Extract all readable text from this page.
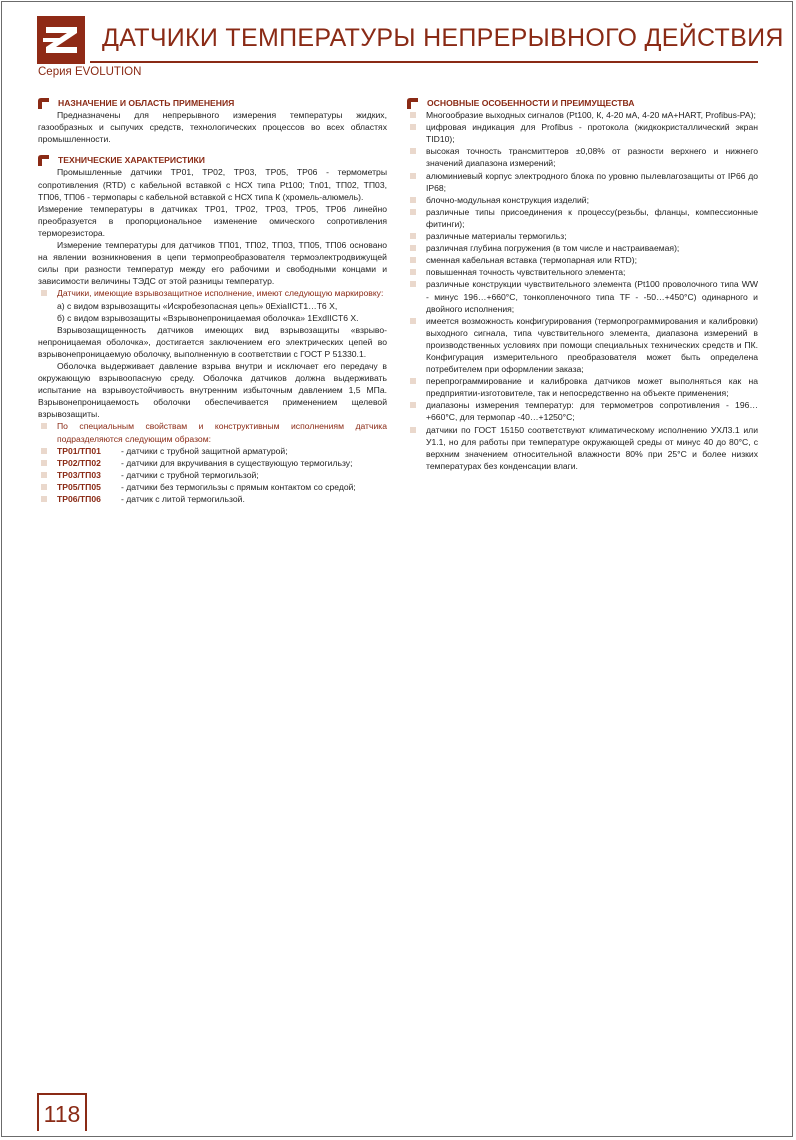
ДАТЧИКИ ТЕМПЕРАТУРЫ НЕПРЕРЫВНОГО ДЕЙСТВИЯ
Серия EVOLUTION
НАЗНАЧЕНИЕ И ОБЛАСТЬ ПРИМЕНЕНИЯ

Предназначены для непрерывного измерения температуры жидких, газообразных и сыпучих средств, технологических процессов во всех областях промышленности.

ТЕХНИЧЕСКИЕ ХАРАКТЕРИСТИКИ

Промышленные датчики ТР01, ТР02, ТР03, ТР05, ТР06 - термометры сопротивления (RTD) с кабельной вставкой с НСХ типа Pt100; Tп01, ТП02, ТП03, ТП06, ТП06 - термопары с кабельной вставкой с НСХ типа К (хромель-алюмель).

Измерение температуры в датчиках ТР01, ТР02, ТР03, ТР05, ТР06 линейно преобразуется в пропорциональное изменение омического сопротивления терморезистора.

Измерение температуры для датчиков ТП01, ТП02, ТП03, ТП05, ТП06 основано на явлении возникновения в цепи термопреобразователя термоэлектродвижущей силы при разности температур между его рабочими и свободными концами и зависимости величины ТЭДС от этой разницы температур.

Датчики, имеющие взрывозащитное исполнение, имеют следующую маркировку:

а) с видом взрывозащиты «Искробезопасная цепь» 0ExiaIICT1…Т6 Х,

б) с видом взрывозащиты «Взрывонепроницаемая оболочка» 1ExdIICT6 Х.

Взрывозащищенность датчиков имеющих вид взрывозащиты «взрыво-непроницаемая оболочка», достигается заключением его электрических цепей во взрывонепроницаемую оболочку, выполненную в соответствии с ГОСТ Р 51330.1.

Оболочка выдерживает давление взрыва внутри и исключает его передачу в окружающую взрывоопасную среду. Оболочка датчиков должна выдерживать испытание на взрывоустойчивость внутренним избыточным давлением 1,5 МПа. Взрывонепроницаемость оболочки обеспечивается применением щелевой взрывозащиты.

По специальным свойствам и конструктивным исполнениям датчика подразделяются следующим образом:

ТР01/ТП01	- датчики с трубной защитной арматурой;
ТР02/ТП02	- датчики для вкручивания в существующую термогильзу;
ТР03/ТП03	- датчики с трубной термогильзой;
ТР05/ТП05	- датчики без термогильзы с прямым контактом со средой;
ТР06/ТП06	- датчик с литой термогильзой.
ОСНОВНЫЕ ОСОБЕННОСТИ И ПРЕИМУЩЕСТВА

Многообразие выходных сигналов (Pt100, К, 4-20 мА, 4-20 мА+HART, Profibus-PA);

цифровая индикация для Profibus - протокола (жидкокристаллический экран TID10);

высокая точность трансмиттеров ±0,08% от разности верхнего и нижнего значений диапазона измерений;

алюминиевый корпус электродного блока по уровню пылевлагозащиты от IP66 до IP68;

блочно-модульная конструкция изделий;

различные типы присоединения к процессу(резьбы, фланцы, компессионные фитинги);

различные материалы термогильз;

различная глубина погружения (в том числе и настраиваемая);

сменная кабельная вставка (термопарная или RTD);

повышенная точность чувствительного элемента;

различные конструкции чувствительного элемента (Pt100 проволочного типа WW - минус 196…+660°С, тонкопленочного типа TF - -50…+450°С) одинарного и двойного исполнения;

имеется возможность конфигурирования (термопрограммирования и калибровки) выходного сигнала, типа чувствительного элемента, диапазона измерений в производственных условиях при помощи специальных технических средств и ПК. Конфигурация измерительного преобразователя может быть определена потребителем при оформлении заказа;

перепрограммирование и калибровка датчиков может выполняться как на предприятии-изготовителе, так и непосредственно на объекте применения;

диапазоны измерения температур: для термометров сопротивления - 196…+660°С, для термопар -40…+1250°С;

датчики по ГОСТ 15150 соответствуют климатическому исполнению УХЛ3.1 или У1.1, но для работы при температуре окружающей среды от минус 40 до 80°С, с верхним значением относительной влажности 80% при 25°С и более низких температурах без конденсации влаги.

118
